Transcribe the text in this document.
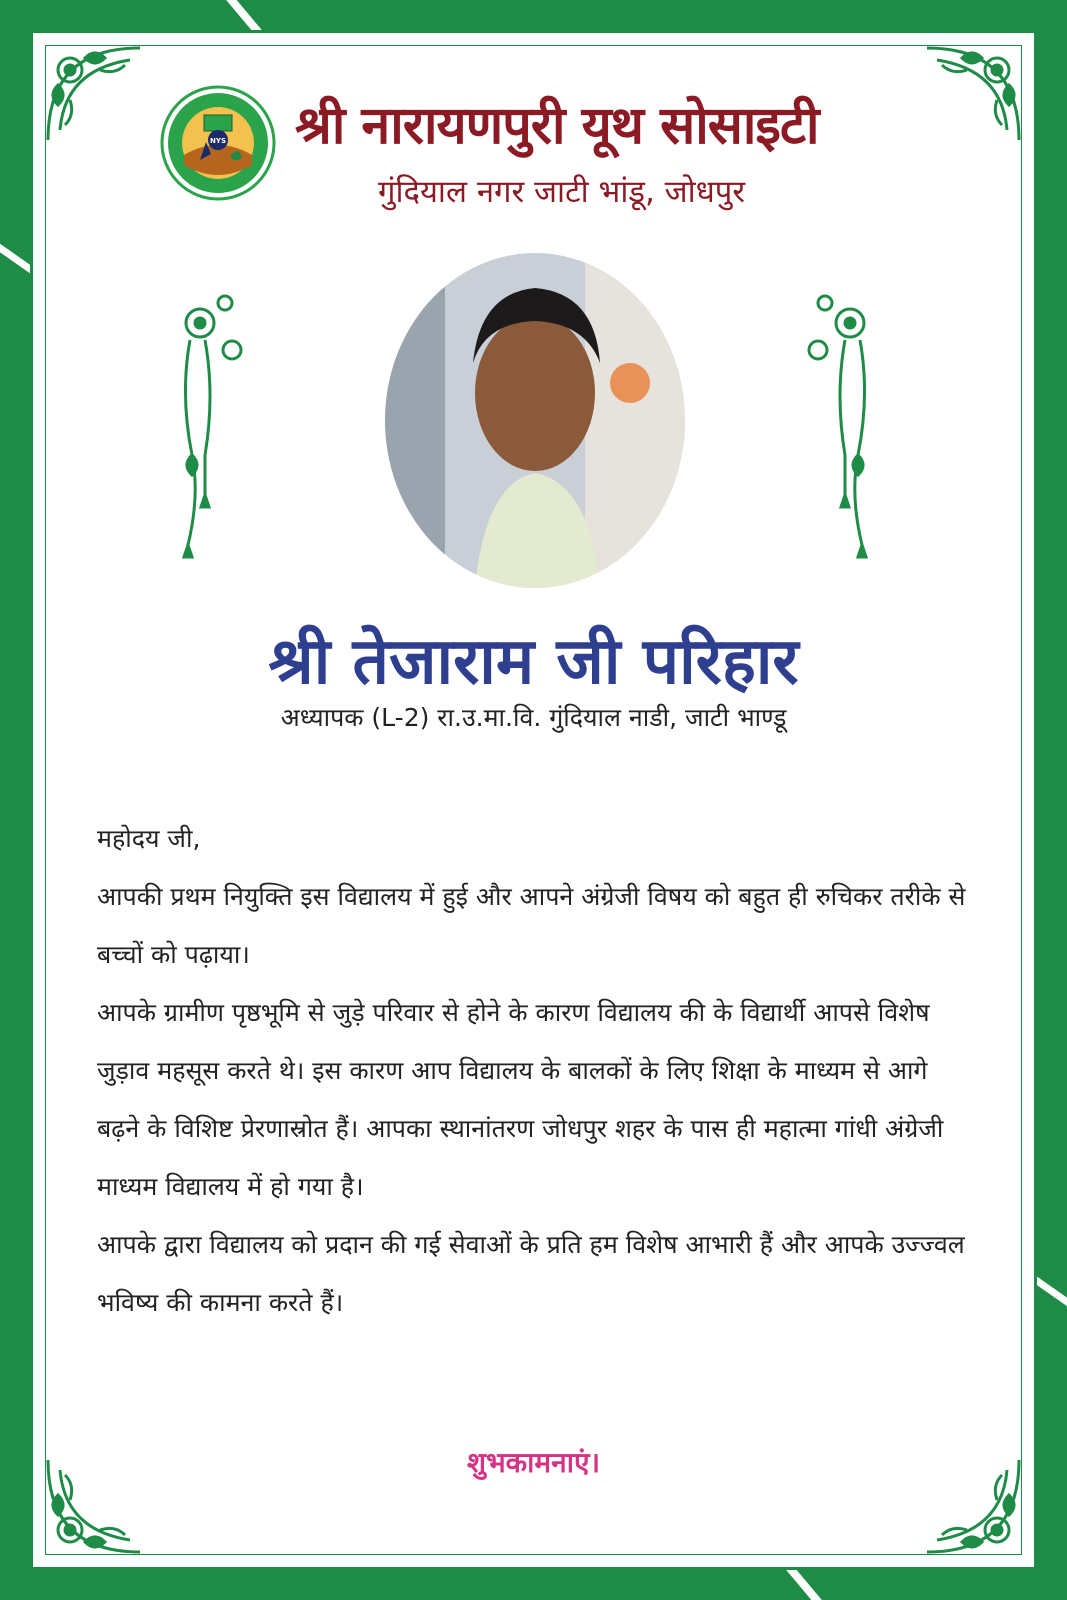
NYS श्री नारायणपुरी यूथ सोसाइटी
गुंदियाल नगर जाटी भांडू, जोधपुर
श्री तेजाराम जी परिहार
अध्यापक (L-2) रा.उ.मा.वि. गुंदियाल नाडी, जाटी भाण्डू

महोदय जी,

आपकी प्रथम नियुक्ति इस विद्यालय में हुई और आपने अंग्रेजी विषय को बहुत ही रुचिकर तरीके से बच्चों को पढ़ाया।

आपके ग्रामीण पृष्ठभूमि से जुड़े परिवार से होने के कारण विद्यालय की के विद्यार्थी आपसे विशेष जुड़ाव महसूस करते थे। इस कारण आप विद्यालय के बालकों के लिए शिक्षा के माध्यम से आगे बढ़ने के विशिष्ट प्रेरणास्रोत हैं। आपका स्थानांतरण जोधपुर शहर के पास ही महात्मा गांधी अंग्रेजी माध्यम विद्यालय में हो गया है।

आपके द्वारा विद्यालय को प्रदान की गई सेवाओं के प्रति हम विशेष आभारी हैं और आपके उज्ज्वल भविष्य की कामना करते हैं।

शुभकामनाएं।
